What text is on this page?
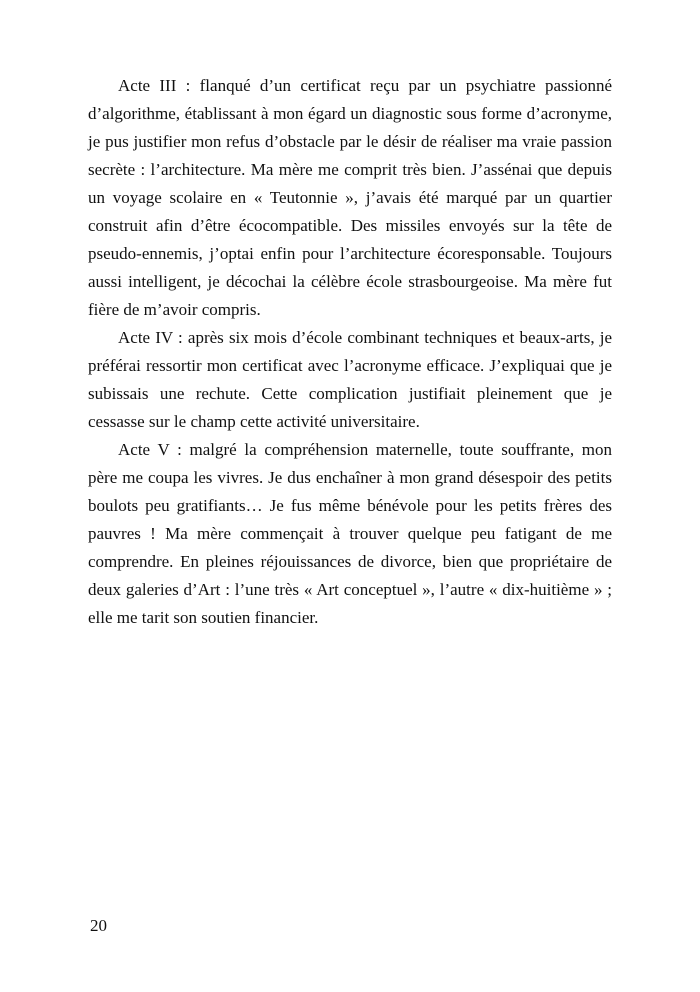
Acte III : flanqué d’un certificat reçu par un psychiatre passionné d’algorithme, établissant à mon égard un diagnostic sous forme d’acronyme, je pus justifier mon refus d’obstacle par le désir de réaliser ma vraie passion secrète : l’architecture. Ma mère me comprit très bien. J’assénai que depuis un voyage scolaire en « Teutonnie », j’avais été marqué par un quartier construit afin d’être écocompatible. Des missiles envoyés sur la tête de pseudo-ennemis, j’optai enfin pour l’architecture écoresponsable. Toujours aussi intelligent, je décochai la célèbre école strasbourgeoise. Ma mère fut fière de m’avoir compris.

Acte IV : après six mois d’école combinant techniques et beaux-arts, je préférai ressortir mon certificat avec l’acronyme efficace. J’expliquai que je subissais une rechute. Cette complication justifiait pleinement que je cessasse sur le champ cette activité universitaire.

Acte V : malgré la compréhension maternelle, toute souffrante, mon père me coupa les vivres. Je dus enchaîner à mon grand désespoir des petits boulots peu gratifiants… Je fus même bénévole pour les petits frères des pauvres ! Ma mère commençait à trouver quelque peu fatigant de me comprendre. En pleines réjouissances de divorce, bien que propriétaire de deux galeries d’Art : l’une très « Art conceptuel », l’autre « dix-huitième » ; elle me tarit son soutien financier.

20
